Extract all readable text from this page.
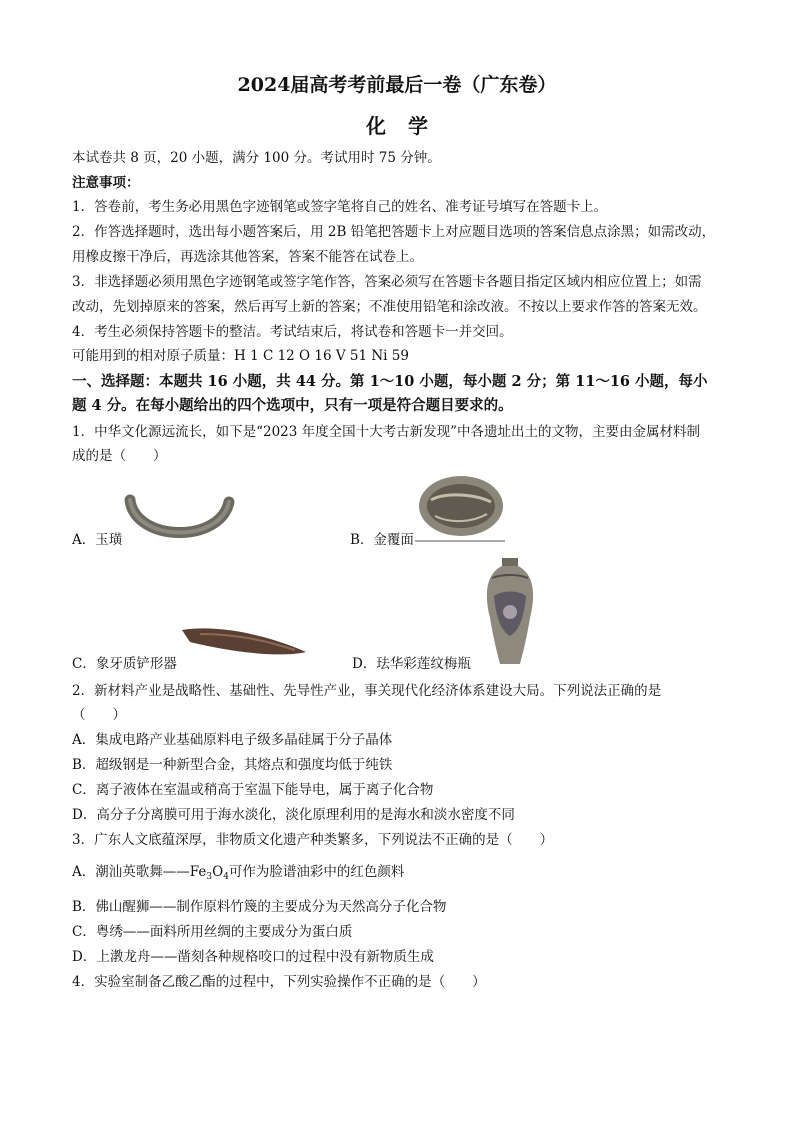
2024届高考考前最后一卷（广东卷）
化学
本试卷共 8 页，20 小题，满分 100 分。考试用时 75 分钟。
注意事项：
1．答卷前，考生务必用黑色字迹钢笔或签字笔将自己的姓名、准考证号填写在答题卡上。
2．作答选择题时，选出每小题答案后，用 2B 铅笔把答题卡上对应题目选项的答案信息点涂黑；如需改动，
用橡皮擦干净后，再选涂其他答案，答案不能答在试卷上。
3．非选择题必须用黑色字迹钢笔或签字笔作答，答案必须写在答题卡各题目指定区域内相应位置上；如需
改动，先划掉原来的答案，然后再写上新的答案；不准使用铅笔和涂改液。不按以上要求作答的答案无效。
4．考生必须保持答题卡的整洁。考试结束后，将试卷和答题卡一并交回。
可能用到的相对原子质量：H 1 C 12 O 16 V 51 Ni 59
一、选择题：本题共 16 小题，共 44 分。第 1～10 小题，每小题 2 分；第 11～16 小题，每小
题 4 分。在每小题给出的四个选项中，只有一项是符合题目要求的。
1．中华文化源远流长，如下是“2023 年度全国十大考古新发现”中各遗址出土的文物，主要由金属材料制
成的是（　　）
A．玉璜	B．金覆面
C．象牙质铲形器	D．珐华彩莲纹梅瓶
2．新材料产业是战略性、基础性、先导性产业，事关现代化经济体系建设大局。下列说法正确的是
（　　）
A．集成电路产业基础原料电子级多晶硅属于分子晶体
B．超级钢是一种新型合金，其熔点和强度均低于纯铁
C．离子液体在室温或稍高于室温下能导电，属于离子化合物
D．高分子分离膜可用于海水淡化，淡化原理利用的是海水和淡水密度不同
3．广东人文底蕴深厚，非物质文化遗产种类繁多，下列说法不正确的是（　　）
A．潮汕英歌舞$——Fe_3O_4$可作为脸谱油彩中的红色颜料
B．佛山醒狮——制作原料竹篾的主要成分为天然高分子化合物
C．粤绣——面料所用丝绸的主要成分为蛋白质
D．上漖龙舟——凿刻各种规格咬口的过程中没有新物质生成
4．实验室制备乙酸乙酯的过程中，下列实验操作不正确的是（　　）
